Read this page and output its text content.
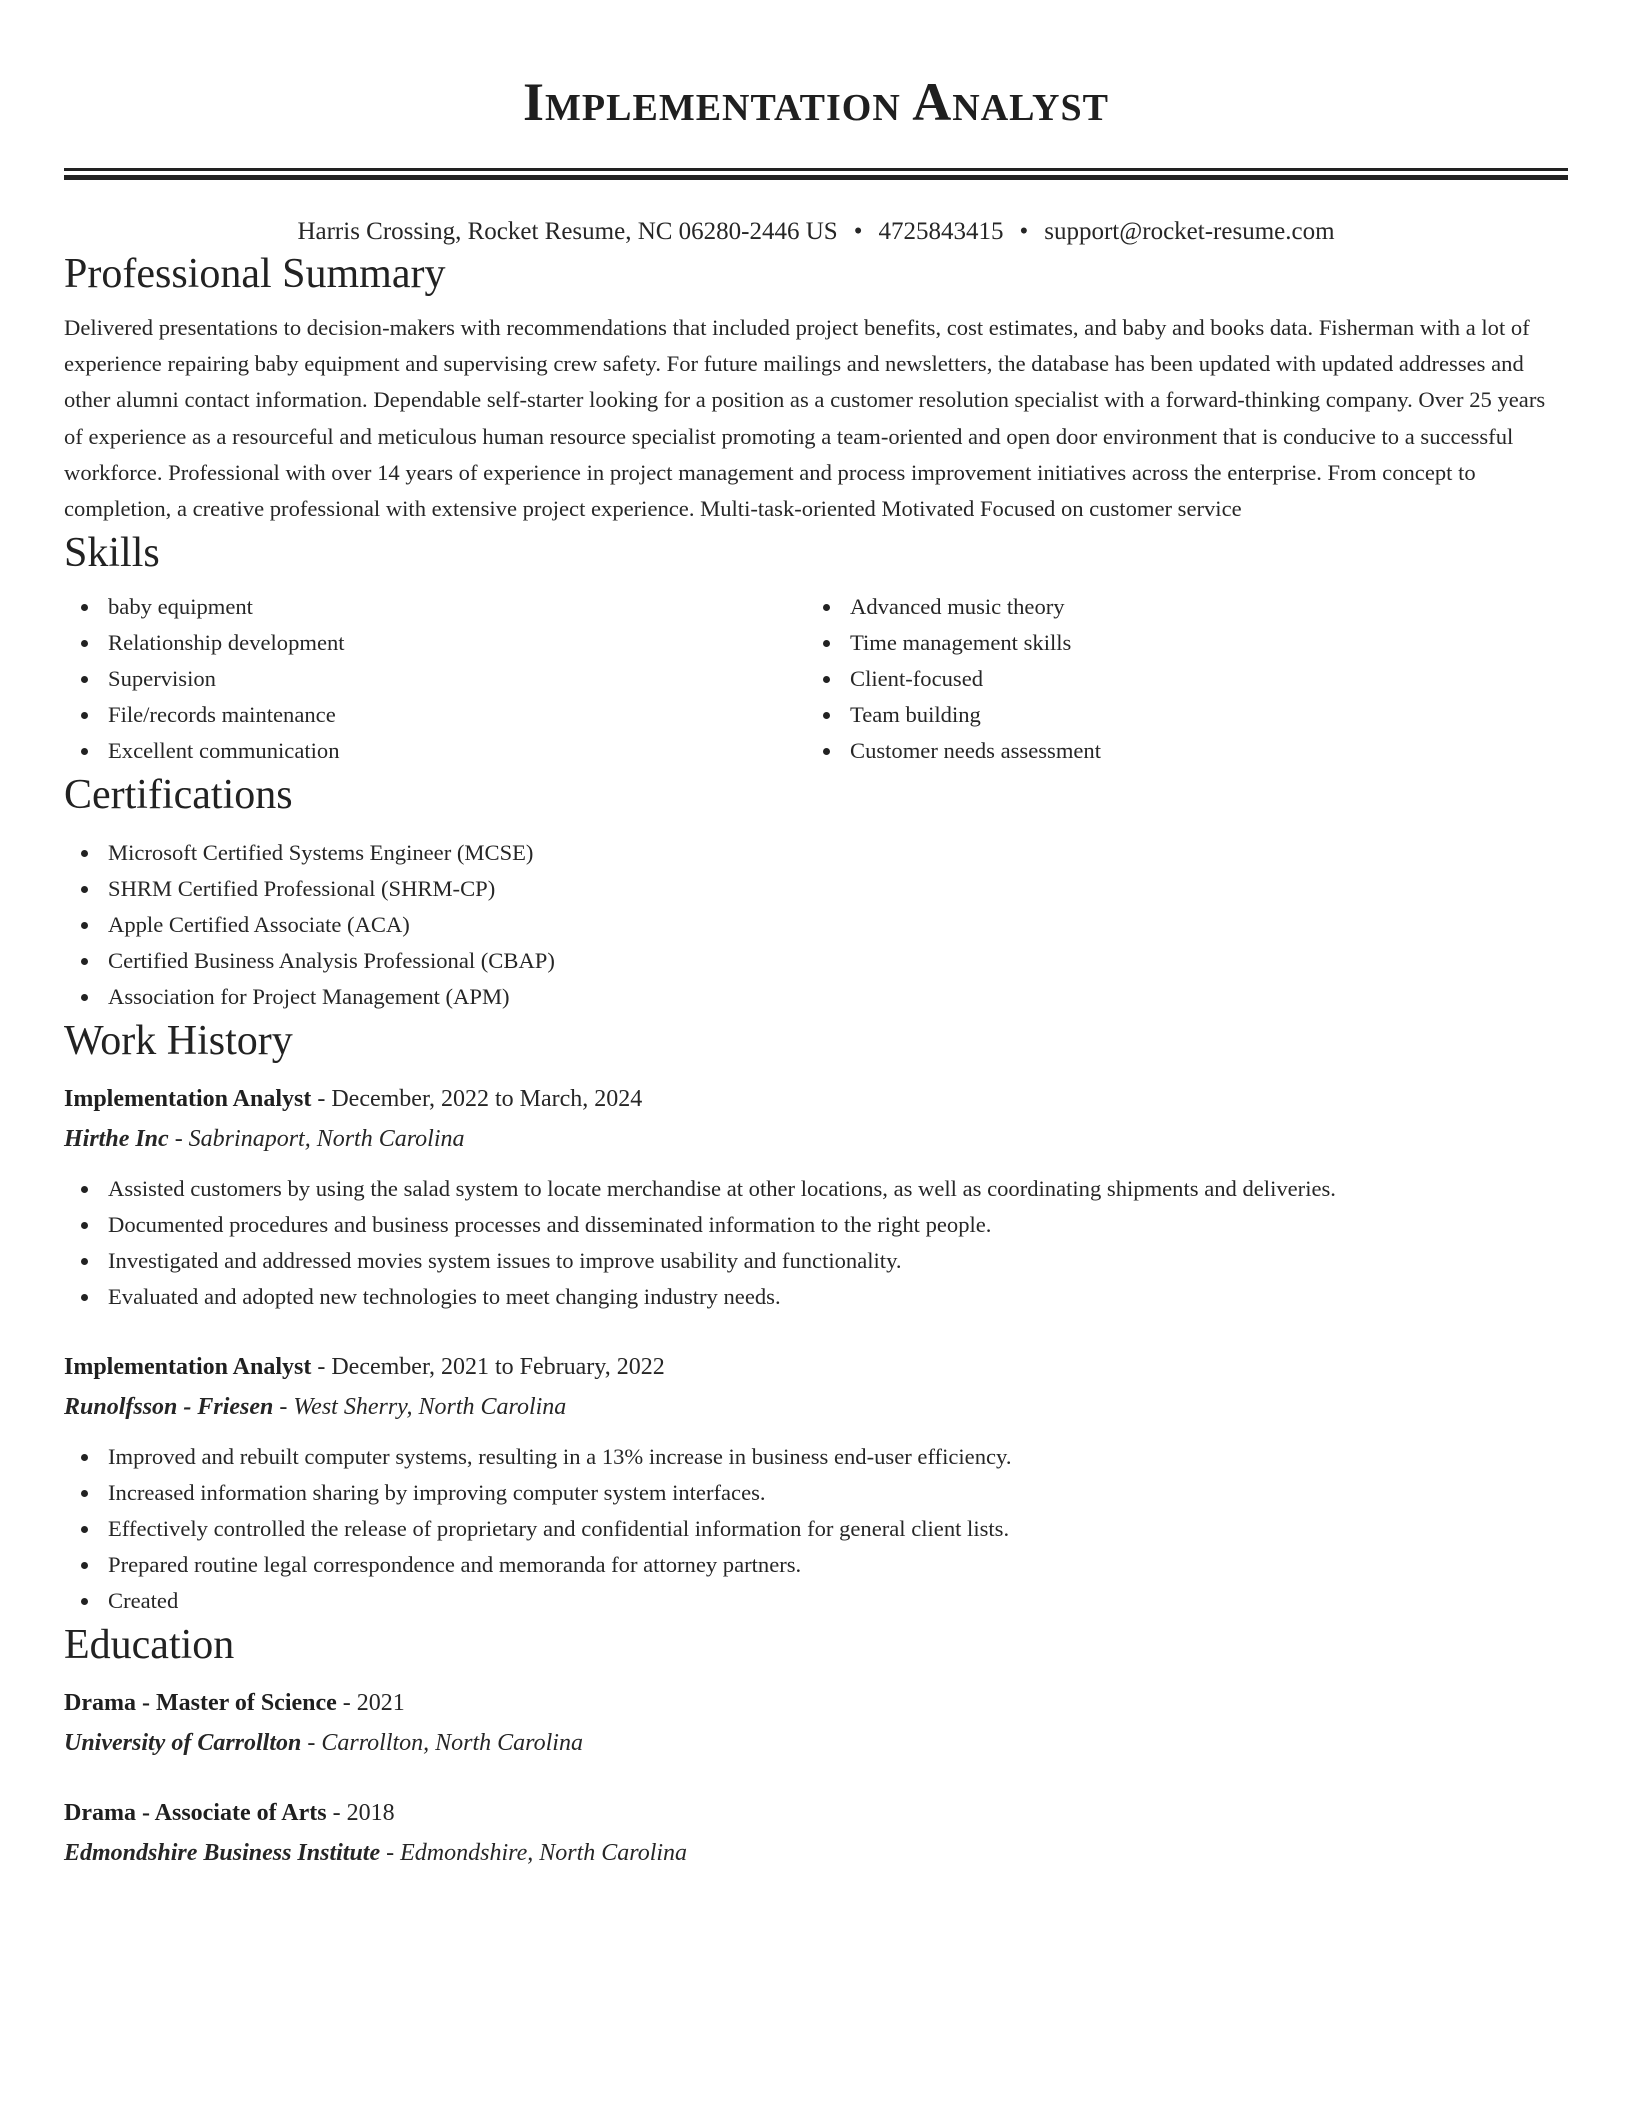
Implementation Analyst
Harris Crossing, Rocket Resume, NC 06280-2446 US • 4725843415 • support@rocket-resume.com
Professional Summary
Delivered presentations to decision-makers with recommendations that included project benefits, cost estimates, and baby and books data. Fisherman with a lot of experience repairing baby equipment and supervising crew safety. For future mailings and newsletters, the database has been updated with updated addresses and other alumni contact information. Dependable self-starter looking for a position as a customer resolution specialist with a forward-thinking company. Over 25 years of experience as a resourceful and meticulous human resource specialist promoting a team-oriented and open door environment that is conducive to a successful workforce. Professional with over 14 years of experience in project management and process improvement initiatives across the enterprise. From concept to completion, a creative professional with extensive project experience. Multi-task-oriented Motivated Focused on customer service
Skills
baby equipment
Relationship development
Supervision
File/records maintenance
Excellent communication
Advanced music theory
Time management skills
Client-focused
Team building
Customer needs assessment
Certifications
Microsoft Certified Systems Engineer (MCSE)
SHRM Certified Professional (SHRM-CP)
Apple Certified Associate (ACA)
Certified Business Analysis Professional (CBAP)
Association for Project Management (APM)
Work History
Implementation Analyst - December, 2022 to March, 2024
Hirthe Inc - Sabrinaport, North Carolina
Assisted customers by using the salad system to locate merchandise at other locations, as well as coordinating shipments and deliveries.
Documented procedures and business processes and disseminated information to the right people.
Investigated and addressed movies system issues to improve usability and functionality.
Evaluated and adopted new technologies to meet changing industry needs.
Implementation Analyst - December, 2021 to February, 2022
Runolfsson - Friesen - West Sherry, North Carolina
Improved and rebuilt computer systems, resulting in a 13% increase in business end-user efficiency.
Increased information sharing by improving computer system interfaces.
Effectively controlled the release of proprietary and confidential information for general client lists.
Prepared routine legal correspondence and memoranda for attorney partners.
Created
Education
Drama - Master of Science - 2021
University of Carrollton - Carrollton, North Carolina
Drama - Associate of Arts - 2018
Edmondshire Business Institute - Edmondshire, North Carolina
